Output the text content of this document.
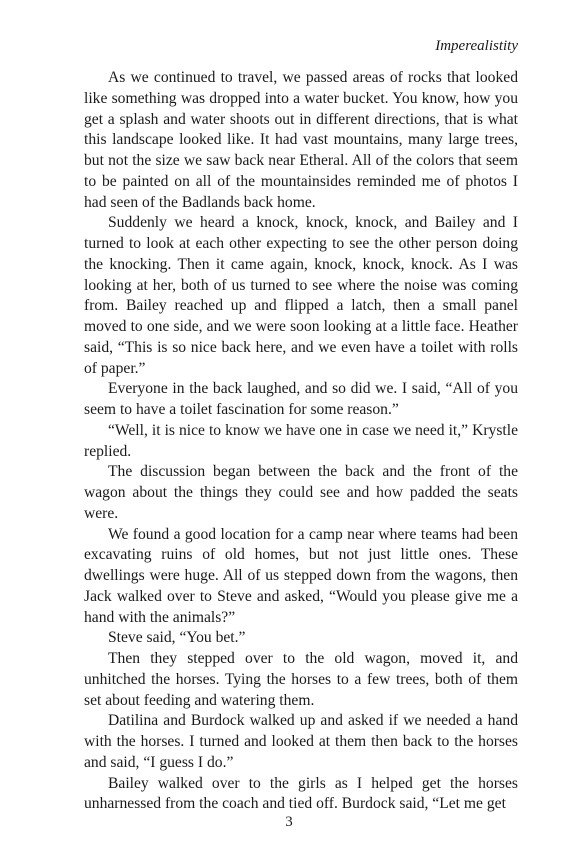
Imperealistity

As we continued to travel, we passed areas of rocks that looked like something was dropped into a water bucket. You know, how you get a splash and water shoots out in different directions, that is what this landscape looked like. It had vast mountains, many large trees, but not the size we saw back near Etheral. All of the colors that seem to be painted on all of the mountainsides reminded me of photos I had seen of the Badlands back home.

Suddenly we heard a knock, knock, knock, and Bailey and I turned to look at each other expecting to see the other person doing the knocking. Then it came again, knock, knock, knock. As I was looking at her, both of us turned to see where the noise was coming from. Bailey reached up and flipped a latch, then a small panel moved to one side, and we were soon looking at a little face. Heather said, “This is so nice back here, and we even have a toilet with rolls of paper.”

Everyone in the back laughed, and so did we. I said, “All of you seem to have a toilet fascination for some reason.”

“Well, it is nice to know we have one in case we need it,” Krystle replied.

The discussion began between the back and the front of the wagon about the things they could see and how padded the seats were.

We found a good location for a camp near where teams had been excavating ruins of old homes, but not just little ones. These dwellings were huge. All of us stepped down from the wagons, then Jack walked over to Steve and asked, “Would you please give me a hand with the animals?”

Steve said, “You bet.”

Then they stepped over to the old wagon, moved it, and unhitched the horses. Tying the horses to a few trees, both of them set about feeding and watering them.

Datilina and Burdock walked up and asked if we needed a hand with the horses. I turned and looked at them then back to the horses and said, “I guess I do.”

Bailey walked over to the girls as I helped get the horses unharnessed from the coach and tied off. Burdock said, “Let me get

3
